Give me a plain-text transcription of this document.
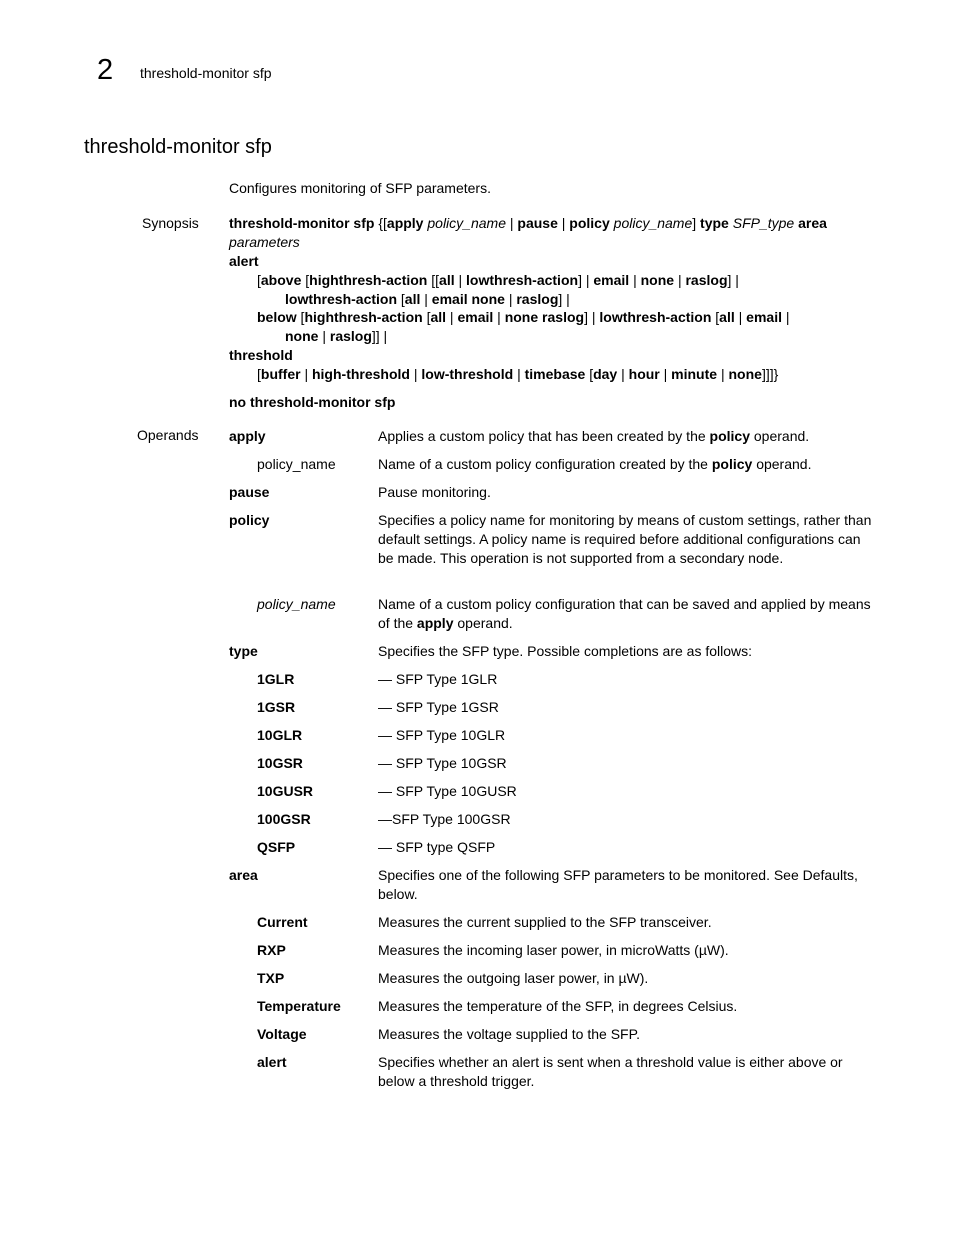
2 threshold-monitor sfp
threshold-monitor sfp
Configures monitoring of SFP parameters.
Synopsis
Operands
threshold-monitor sfp {[apply policy_name | pause | policy policy_name] type SFP_type area
parameters
alert
[above [highthresh-action [[all | lowthresh-action] | email | none | raslog] |
lowthresh-action [all | email none | raslog] |
below [highthresh-action [all | email | none raslog] | lowthresh-action [all | email |
none | raslog]] |
threshold
[buffer | high-threshold | low-threshold | timebase [day | hour | minute | none]]]}
no threshold-monitor sfp
apply	Applies a custom policy that has been created by the policy operand.
policy_name	Name of a custom policy configuration created by the policy operand.
pause	Pause monitoring.
policy	Specifies a policy name for monitoring by means of custom settings, rather than default settings. A policy name is required before additional configurations can be made. This operation is not supported from a secondary node.
policy_name	Name of a custom policy configuration that can be saved and applied by means of the apply operand.
type	Specifies the SFP type. Possible completions are as follows:
1GLR	— SFP Type 1GLR
1GSR	— SFP Type 1GSR
10GLR	— SFP Type 10GLR
10GSR	— SFP Type 10GSR
10GUSR	— SFP Type 10GUSR
100GSR	—SFP Type 100GSR
QSFP	— SFP type QSFP
area	Specifies one of the following SFP parameters to be monitored. See Defaults, below.
Current	Measures the current supplied to the SFP transceiver.
RXP	Measures the incoming laser power, in microWatts (µW).
TXP	Measures the outgoing laser power, in µW).
Temperature	Measures the temperature of the SFP, in degrees Celsius.
Voltage	Measures the voltage supplied to the SFP.
alert	Specifies whether an alert is sent when a threshold value is either above or below a threshold trigger.
